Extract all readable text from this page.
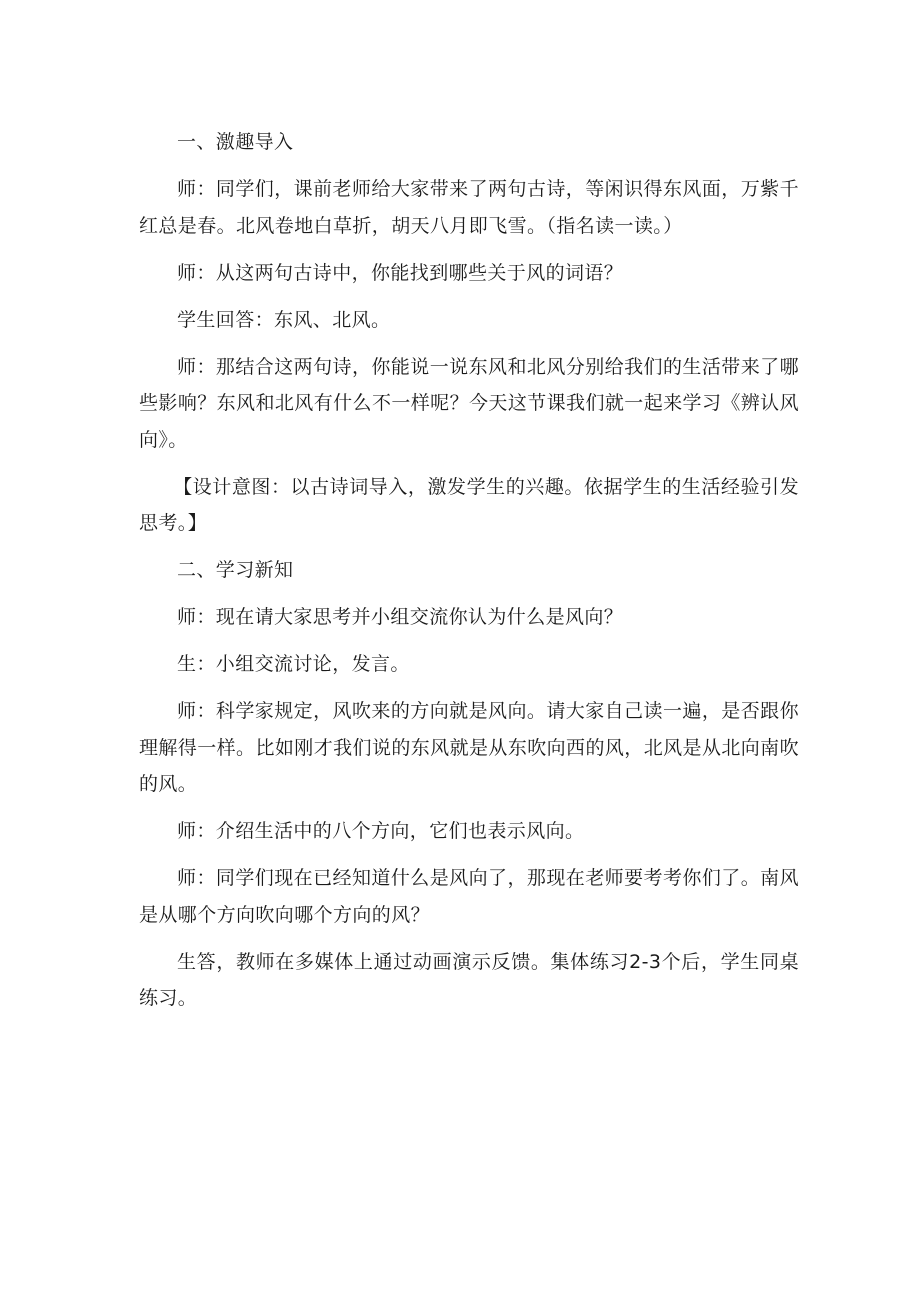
一、激趣导入

师：同学们，课前老师给大家带来了两句古诗，等闲识得东风面，万紫千红总是春。北风卷地白草折，胡天八月即飞雪。（指名读一读。）

师：从这两句古诗中，你能找到哪些关于风的词语？

学生回答：东风、北风。

师：那结合这两句诗，你能说一说东风和北风分别给我们的生活带来了哪些影响？东风和北风有什么不一样呢？今天这节课我们就一起来学习《辨认风向》。

【设计意图：以古诗词导入，激发学生的兴趣。依据学生的生活经验引发思考。】

二、学习新知

师：现在请大家思考并小组交流你认为什么是风向？

生：小组交流讨论，发言。

师：科学家规定，风吹来的方向就是风向。请大家自己读一遍，是否跟你理解得一样。比如刚才我们说的东风就是从东吹向西的风，北风是从北向南吹的风。

师：介绍生活中的八个方向，它们也表示风向。

师：同学们现在已经知道什么是风向了，那现在老师要考考你们了。南风是从哪个方向吹向哪个方向的风？

生答，教师在多媒体上通过动画演示反馈。集体练习2-3个后，学生同桌练习。
